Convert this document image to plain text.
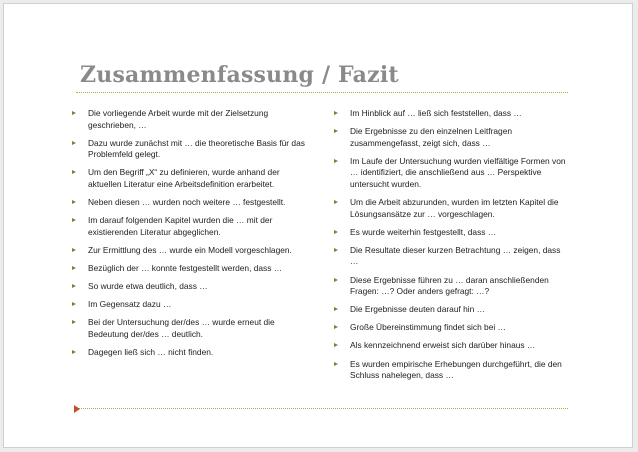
Zusammenfassung / Fazit
Die vorliegende Arbeit wurde mit der Zielsetzung geschrieben, …
Dazu wurde zunächst mit … die theoretische Basis für das Problemfeld gelegt.
Um den Begriff „X“ zu definieren, wurde anhand der aktuellen Literatur eine Arbeitsdefinition erarbeitet.
Neben diesen … wurden noch weitere … festgestellt.
Im darauf folgenden Kapitel wurden die … mit der existierenden Literatur abgeglichen.
Zur Ermittlung des … wurde ein Modell vorgeschlagen.
Bezüglich der … konnte festgestellt werden, dass …
So wurde etwa deutlich, dass …
Im Gegensatz dazu …
Bei der Untersuchung der/des … wurde erneut die Bedeutung der/des … deutlich.
Dagegen ließ sich … nicht finden.
Im Hinblick auf … ließ sich feststellen, dass …
Die Ergebnisse zu den einzelnen Leitfragen zusammengefasst, zeigt sich, dass …
Im Laufe der Untersuchung wurden vielfältige Formen von … identifiziert, die anschließend aus … Perspektive untersucht wurden.
Um die Arbeit abzurunden, wurden im letzten Kapitel die Lösungsansätze zur … vorgeschlagen.
Es wurde weiterhin festgestellt, dass …
Die Resultate dieser kurzen Betrachtung … zeigen, dass …
Diese Ergebnisse führen zu … daran anschließenden Fragen: …? Oder anders gefragt: …?
Die Ergebnisse deuten darauf hin …
Große Übereinstimmung findet sich bei …
Als kennzeichnend erweist sich darüber hinaus …
Es wurden empirische Erhebungen durchgeführt, die den Schluss nahelegen, dass …
